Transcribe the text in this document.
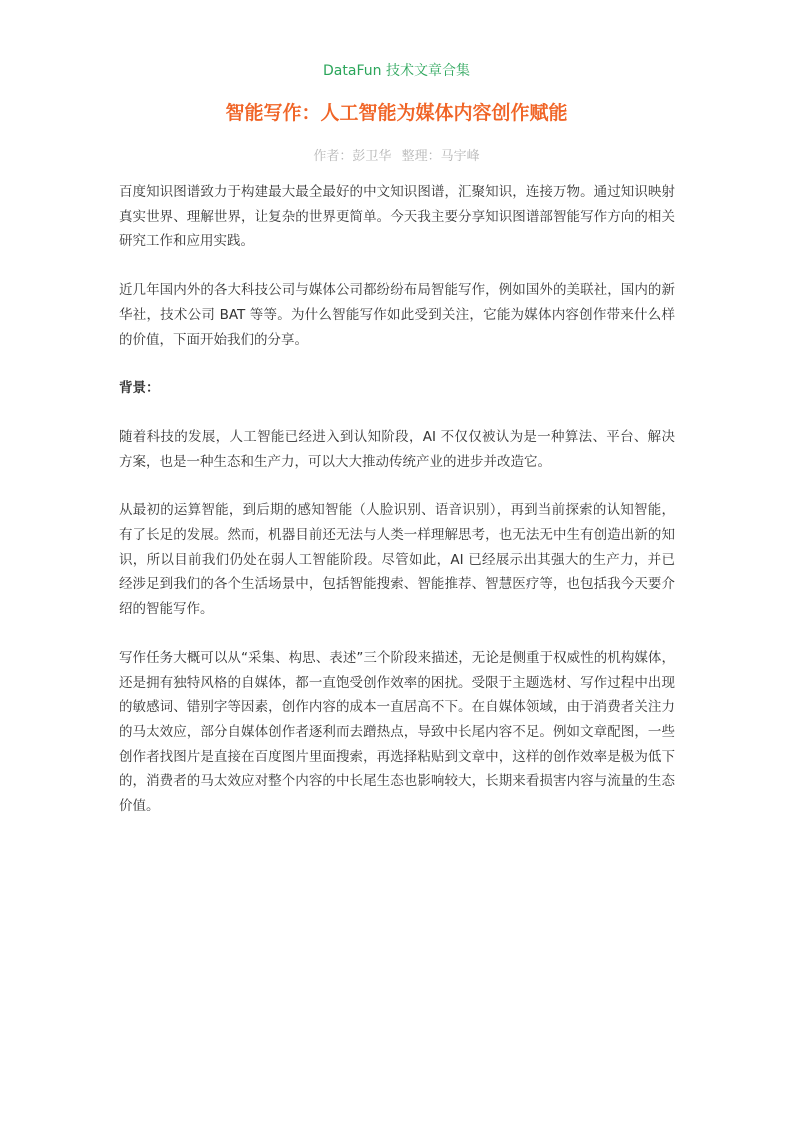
DataFun 技术文章合集
智能写作：人工智能为媒体内容创作赋能
作者：彭卫华 整理：马宇峰

百度知识图谱致力于构建最大最全最好的中文知识图谱，汇聚知识，连接万物。通过知识映射真实世界、理解世界，让复杂的世界更简单。今天我主要分享知识图谱部智能写作方向的相关研究工作和应用实践。

近几年国内外的各大科技公司与媒体公司都纷纷布局智能写作，例如国外的美联社，国内的新华社，技术公司 BAT 等等。为什么智能写作如此受到关注，它能为媒体内容创作带来什么样的价值，下面开始我们的分享。

背景：

随着科技的发展，人工智能已经进入到认知阶段，AI 不仅仅被认为是一种算法、平台、解决方案，也是一种生态和生产力，可以大大推动传统产业的进步并改造它。

从最初的运算智能，到后期的感知智能（人脸识别、语音识别），再到当前探索的认知智能，有了长足的发展。然而，机器目前还无法与人类一样理解思考，也无法无中生有创造出新的知识，所以目前我们仍处在弱人工智能阶段。尽管如此，AI 已经展示出其强大的生产力，并已经涉足到我们的各个生活场景中，包括智能搜索、智能推荐、智慧医疗等，也包括我今天要介绍的智能写作。

写作任务大概可以从“采集、构思、表述”三个阶段来描述，无论是侧重于权威性的机构媒体，还是拥有独特风格的自媒体，都一直饱受创作效率的困扰。受限于主题选材、写作过程中出现的敏感词、错别字等因素，创作内容的成本一直居高不下。在自媒体领域，由于消费者关注力的马太效应，部分自媒体创作者逐利而去蹭热点，导致中长尾内容不足。例如文章配图，一些创作者找图片是直接在百度图片里面搜索，再选择粘贴到文章中，这样的创作效率是极为低下的，消费者的马太效应对整个内容的中长尾生态也影响较大，长期来看损害内容与流量的生态价值。
